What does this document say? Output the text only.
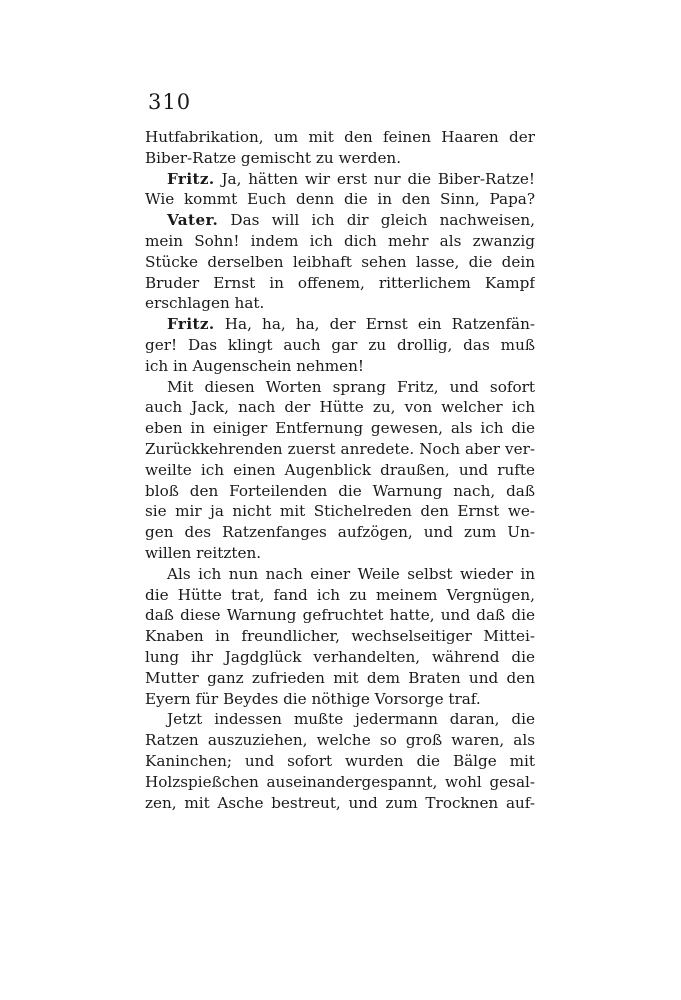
310
Hutfabrikation, um mit den feinen Haaren der
Biber-Ratze gemischt zu werden.
Fritz. Ja, hätten wir erst nur die Biber-Ratze!
Wie kommt Euch denn die in den Sinn, Papa?
Vater. Das will ich dir gleich nachweisen,
mein Sohn! indem ich dich mehr als zwanzig
Stücke derselben leibhaft sehen lasse, die dein
Bruder Ernst in offenem, ritterlichem Kampf
erschlagen hat.
Fritz. Ha, ha, ha, der Ernst ein Ratzenfän-
ger! Das klingt auch gar zu drollig, das muß
ich in Augenschein nehmen!
Mit diesen Worten sprang Fritz, und sofort
auch Jack, nach der Hütte zu, von welcher ich
eben in einiger Entfernung gewesen, als ich die
Zurückkehrenden zuerst anredete. Noch aber ver-
weilte ich einen Augenblick draußen, und rufte
bloß den Forteilenden die Warnung nach, daß
sie mir ja nicht mit Stichelreden den Ernst we-
gen des Ratzenfanges aufzögen, und zum Un-
willen reitzten.
Als ich nun nach einer Weile selbst wieder in
die Hütte trat, fand ich zu meinem Vergnügen,
daß diese Warnung gefruchtet hatte, und daß die
Knaben in freundlicher, wechselseitiger Mittei-
lung ihr Jagdglück verhandelten, während die
Mutter ganz zufrieden mit dem Braten und den
Eyern für Beydes die nöthige Vorsorge traf.
Jetzt indessen mußte jedermann daran, die
Ratzen auszuziehen, welche so groß waren, als
Kaninchen; und sofort wurden die Bälge mit
Holzspießchen auseinandergespannt, wohl gesal-
zen, mit Asche bestreut, und zum Trocknen auf-
